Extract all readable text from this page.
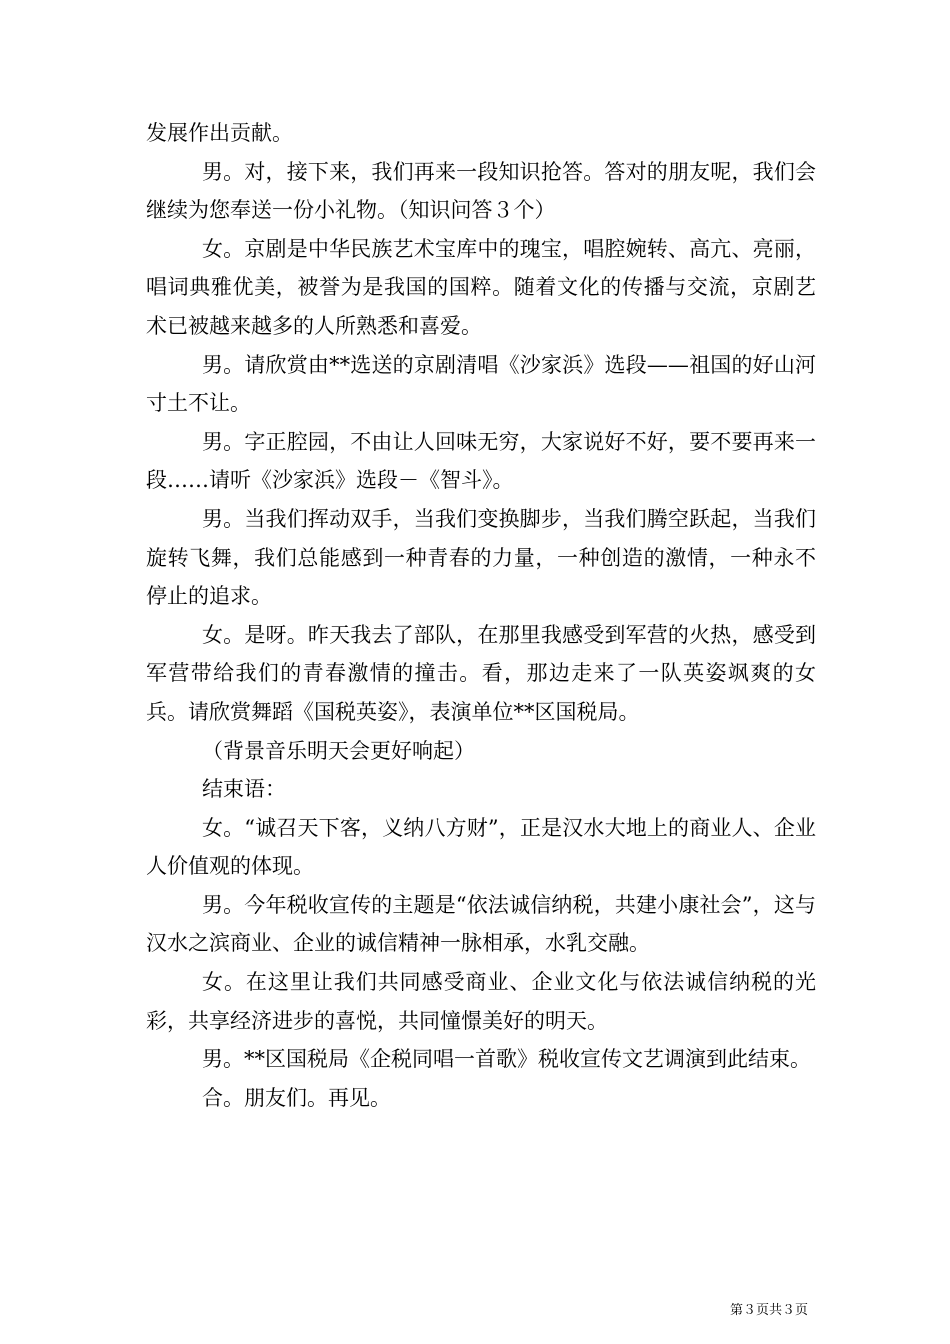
发展作出贡献。

男。对，接下来，我们再来一段知识抢答。答对的朋友呢，我们会继续为您奉送一份小礼物。（知识问答３个）

女。京剧是中华民族艺术宝库中的瑰宝，唱腔婉转、高亢、亮丽，唱词典雅优美，被誉为是我国的国粹。随着文化的传播与交流，京剧艺术已被越来越多的人所熟悉和喜爱。

男。请欣赏由**选送的京剧清唱《沙家浜》选段——祖国的好山河寸土不让。

男。字正腔园，不由让人回味无穷，大家说好不好，要不要再来一段……请听《沙家浜》选段－《智斗》。

男。当我们挥动双手，当我们变换脚步，当我们腾空跃起，当我们旋转飞舞，我们总能感到一种青春的力量，一种创造的激情，一种永不停止的追求。

女。是呀。昨天我去了部队，在那里我感受到军营的火热，感受到军营带给我们的青春激情的撞击。看，那边走来了一队英姿飒爽的女兵。请欣赏舞蹈《国税英姿》，表演单位**区国税局。

（背景音乐明天会更好响起）

结束语：

女。“诚召天下客，义纳八方财”，正是汉水大地上的商业人、企业人价值观的体现。

男。今年税收宣传的主题是“依法诚信纳税，共建小康社会”，这与汉水之滨商业、企业的诚信精神一脉相承，水乳交融。

女。在这里让我们共同感受商业、企业文化与依法诚信纳税的光彩，共享经济进步的喜悦，共同憧憬美好的明天。

男。**区国税局《企税同唱一首歌》税收宣传文艺调演到此结束。

合。朋友们。再见。

第３页共３页
